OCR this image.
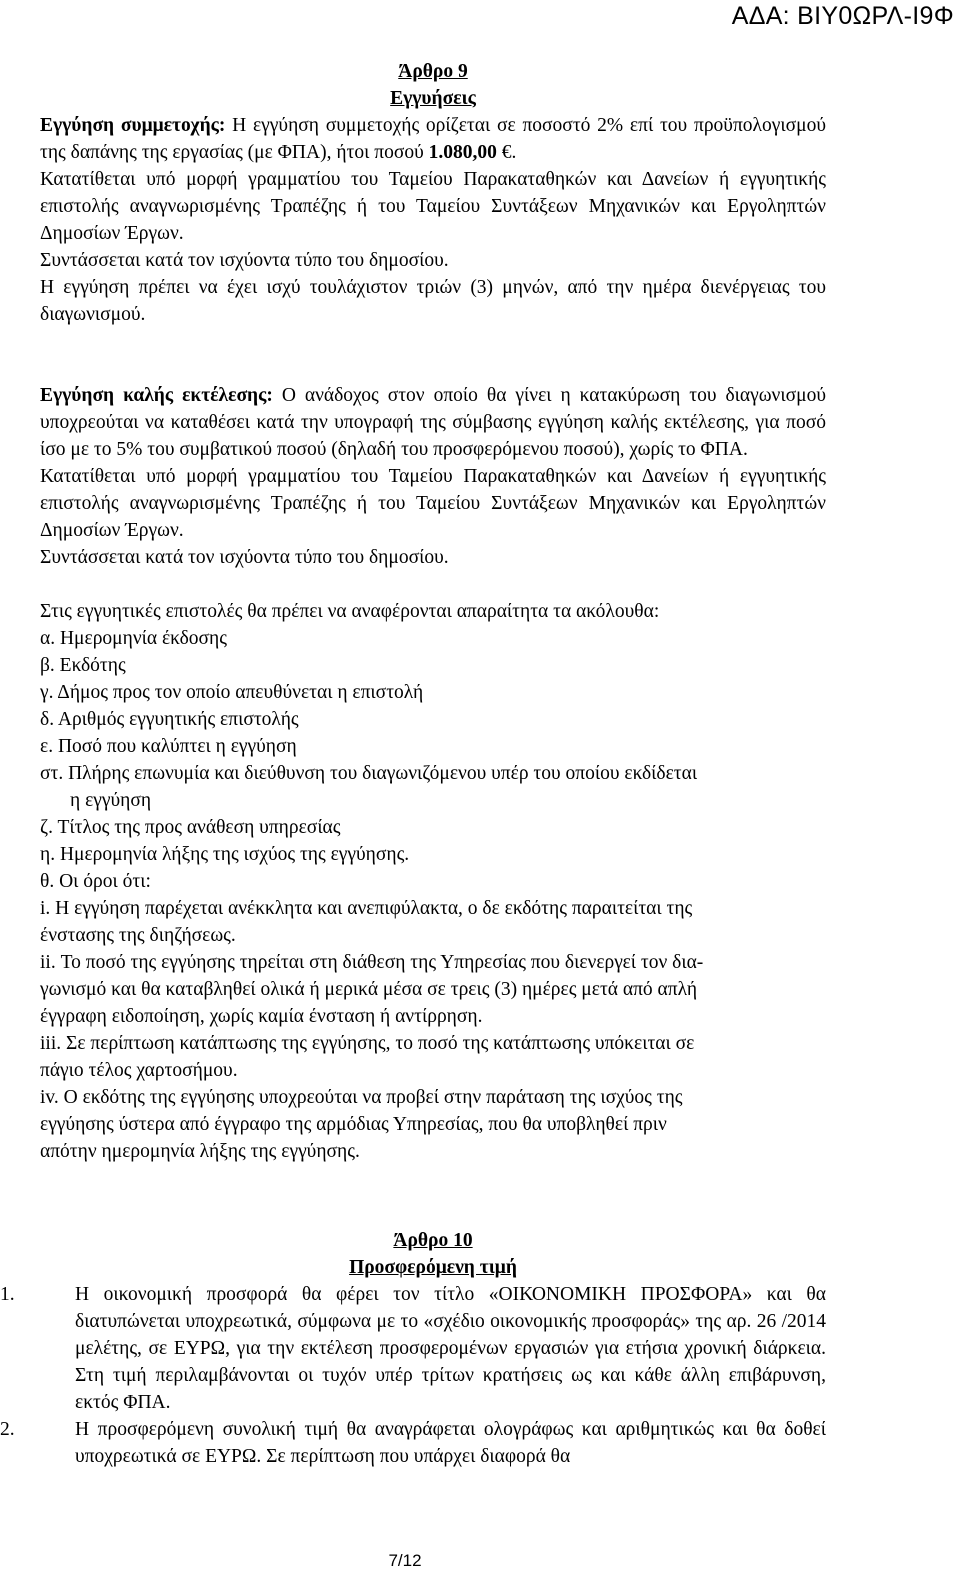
ΑΔΑ: ΒΙΥ0ΩΡΛ-Ι9Φ
Άρθρο 9
Εγγυήσεις
Εγγύηση συμμετοχής: Η εγγύηση συμμετοχής ορίζεται σε ποσοστό 2% επί του προϋπολογισμού της δαπάνης της εργασίας (με ΦΠΑ), ήτοι ποσού 1.080,00 €.
Κατατίθεται υπό μορφή γραμματίου του Ταμείου Παρακαταθηκών και Δανείων ή εγγυητικής επιστολής αναγνωρισμένης Τραπέζης ή του Ταμείου Συντάξεων Μηχανικών και Εργοληπτών Δημοσίων Έργων.
Συντάσσεται κατά τον ισχύοντα τύπο του δημοσίου.
Η εγγύηση πρέπει να έχει ισχύ τουλάχιστον τριών (3) μηνών, από την ημέρα διενέργειας του διαγωνισμού.
Εγγύηση καλής εκτέλεσης: Ο ανάδοχος στον οποίο θα γίνει η κατακύρωση του διαγωνισμού υποχρεούται να καταθέσει κατά την υπογραφή της σύμβασης εγγύηση καλής εκτέλεσης, για ποσό ίσο με το 5% του συμβατικού ποσού (δηλαδή του προσφερόμενου ποσού), χωρίς το ΦΠΑ.
Κατατίθεται υπό μορφή γραμματίου του Ταμείου Παρακαταθηκών και Δανείων ή εγγυητικής επιστολής αναγνωρισμένης Τραπέζης ή του Ταμείου Συντάξεων Μηχανικών και Εργοληπτών Δημοσίων Έργων.
Συντάσσεται κατά τον ισχύοντα τύπο του δημοσίου.
Στις εγγυητικές επιστολές θα πρέπει να αναφέρονται απαραίτητα τα ακόλουθα:
α. Ημερομηνία έκδοσης
β. Εκδότης
γ. Δήμος προς τον οποίο απευθύνεται η επιστολή
δ. Αριθμός εγγυητικής επιστολής
ε. Ποσό που καλύπτει η εγγύηση
στ. Πλήρης επωνυμία και διεύθυνση του διαγωνιζόμενου υπέρ του οποίου εκδίδεται
η εγγύηση
ζ. Τίτλος της προς ανάθεση υπηρεσίας
η. Ημερομηνία λήξης της ισχύος της εγγύησης.
θ. Οι όροι ότι:
i. Η εγγύηση παρέχεται ανέκκλητα και ανεπιφύλακτα, ο δε εκδότης παραιτείται της
ένστασης της διηζήσεως.
ii. Το ποσό της εγγύησης τηρείται στη διάθεση της Υπηρεσίας που διενεργεί τον δια-
γωνισμό και θα καταβληθεί ολικά ή μερικά μέσα σε τρεις (3) ημέρες μετά από απλή
έγγραφη ειδοποίηση, χωρίς καμία ένσταση ή αντίρρηση.
iii. Σε περίπτωση κατάπτωσης της εγγύησης, το ποσό της κατάπτωσης υπόκειται σε
πάγιο τέλος χαρτοσήμου.
iv. Ο εκδότης της εγγύησης υποχρεούται να προβεί στην παράταση της ισχύος της
εγγύησης ύστερα από έγγραφο της αρμόδιας Υπηρεσίας, που θα υποβληθεί πριν
απότην ημερομηνία λήξης της εγγύησης.
Άρθρο 10
Προσφερόμενη τιμή
1.	Η οικονομική προσφορά θα φέρει τον τίτλο «ΟΙΚΟΝΟΜΙΚΗ ΠΡΟΣΦΟΡΑ» και θα διατυπώνεται υποχρεωτικά, σύμφωνα με το «σχέδιο οικονομικής προσφοράς» της αρ. 26 /2014 μελέτης, σε ΕΥΡΩ, για την εκτέλεση προσφερομένων εργασιών για ετήσια χρονική διάρκεια. Στη τιμή περιλαμβάνονται οι τυχόν υπέρ τρίτων κρατήσεις ως και κάθε άλλη επιβάρυνση, εκτός ΦΠΑ.
2.	Η προσφερόμενη συνολική τιμή θα αναγράφεται ολογράφως και αριθμητικώς και θα δοθεί υποχρεωτικά σε ΕΥΡΩ. Σε περίπτωση που υπάρχει διαφορά θα
7/12
